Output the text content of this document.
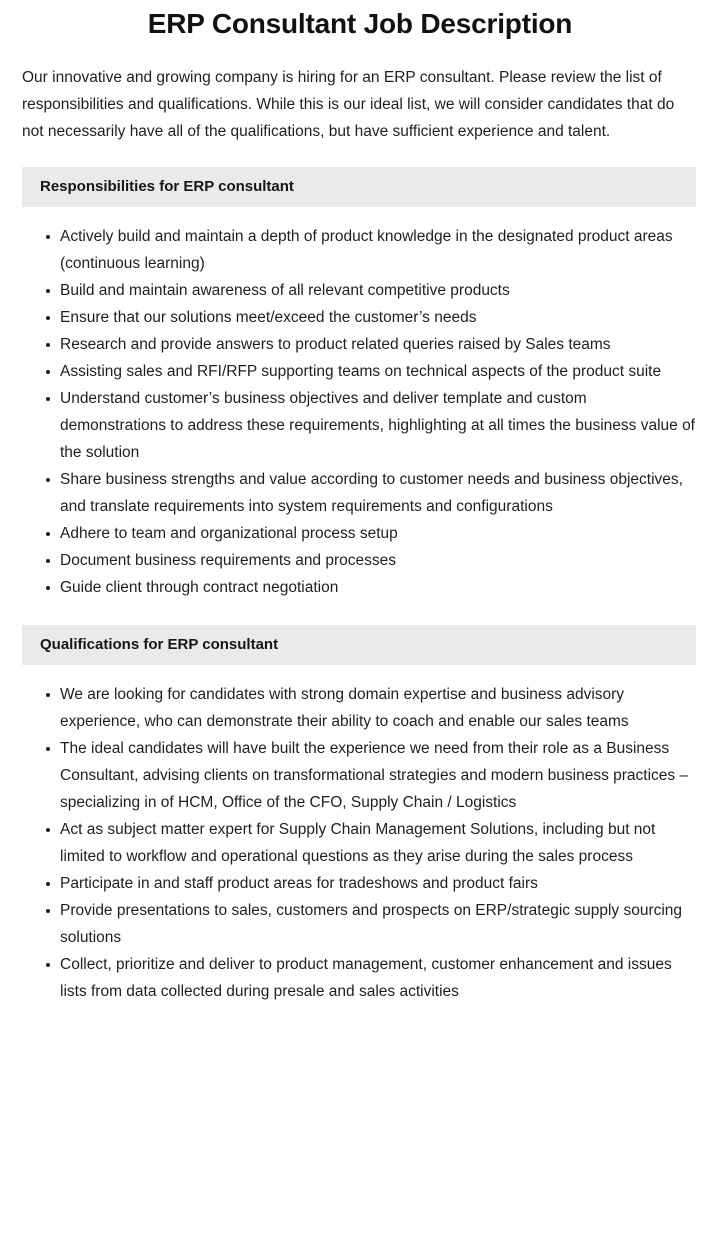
ERP Consultant Job Description

Our innovative and growing company is hiring for an ERP consultant. Please review the list of responsibilities and qualifications. While this is our ideal list, we will consider candidates that do not necessarily have all of the qualifications, but have sufficient experience and talent.

Responsibilities for ERP consultant
Actively build and maintain a depth of product knowledge in the designated product areas (continuous learning)
Build and maintain awareness of all relevant competitive products
Ensure that our solutions meet/exceed the customer’s needs
Research and provide answers to product related queries raised by Sales teams
Assisting sales and RFI/RFP supporting teams on technical aspects of the product suite
Understand customer’s business objectives and deliver template and custom demonstrations to address these requirements, highlighting at all times the business value of the solution
Share business strengths and value according to customer needs and business objectives, and translate requirements into system requirements and configurations
Adhere to team and organizational process setup
Document business requirements and processes
Guide client through contract negotiation
Qualifications for ERP consultant
We are looking for candidates with strong domain expertise and business advisory experience, who can demonstrate their ability to coach and enable our sales teams
The ideal candidates will have built the experience we need from their role as a Business Consultant, advising clients on transformational strategies and modern business practices – specializing in of HCM, Office of the CFO, Supply Chain / Logistics
Act as subject matter expert for Supply Chain Management Solutions, including but not limited to workflow and operational questions as they arise during the sales process
Participate in and staff product areas for tradeshows and product fairs
Provide presentations to sales, customers and prospects on ERP/strategic supply sourcing solutions
Collect, prioritize and deliver to product management, customer enhancement and issues lists from data collected during presale and sales activities
